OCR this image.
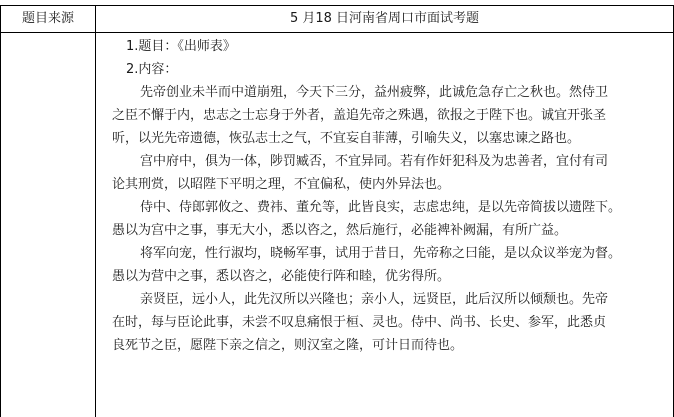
题目来源	5 月18 日河南省周口市面试考题

1.题目：《出师表》

2.内容：

先帝创业未半而中道崩殂，今天下三分，益州疲弊，此诚危急存亡之秋也。然侍卫

之臣不懈于内，忠志之士忘身于外者，盖追先帝之殊遇，欲报之于陛下也。诚宜开张圣

听，以光先帝遗德，恢弘志士之气，不宜妄自菲薄，引喻失义，以塞忠谏之路也。

宫中府中，俱为一体，陟罚臧否，不宜异同。若有作奸犯科及为忠善者，宜付有司

论其刑赏，以昭陛下平明之理，不宜偏私，使内外异法也。

侍中、侍郎郭攸之、费祎、董允等，此皆良实，志虑忠纯，是以先帝简拔以遗陛下。

愚以为宫中之事，事无大小，悉以咨之，然后施行，必能裨补阙漏，有所广益。

将军向宠，性行淑均，晓畅军事，试用于昔日，先帝称之曰能，是以众议举宠为督。

愚以为营中之事，悉以咨之，必能使行阵和睦，优劣得所。

亲贤臣，远小人，此先汉所以兴隆也；亲小人，远贤臣，此后汉所以倾颓也。先帝

在时，每与臣论此事，未尝不叹息痛恨于桓、灵也。侍中、尚书、长史、参军，此悉贞

良死节之臣，愿陛下亲之信之，则汉室之隆，可计日而待也。
